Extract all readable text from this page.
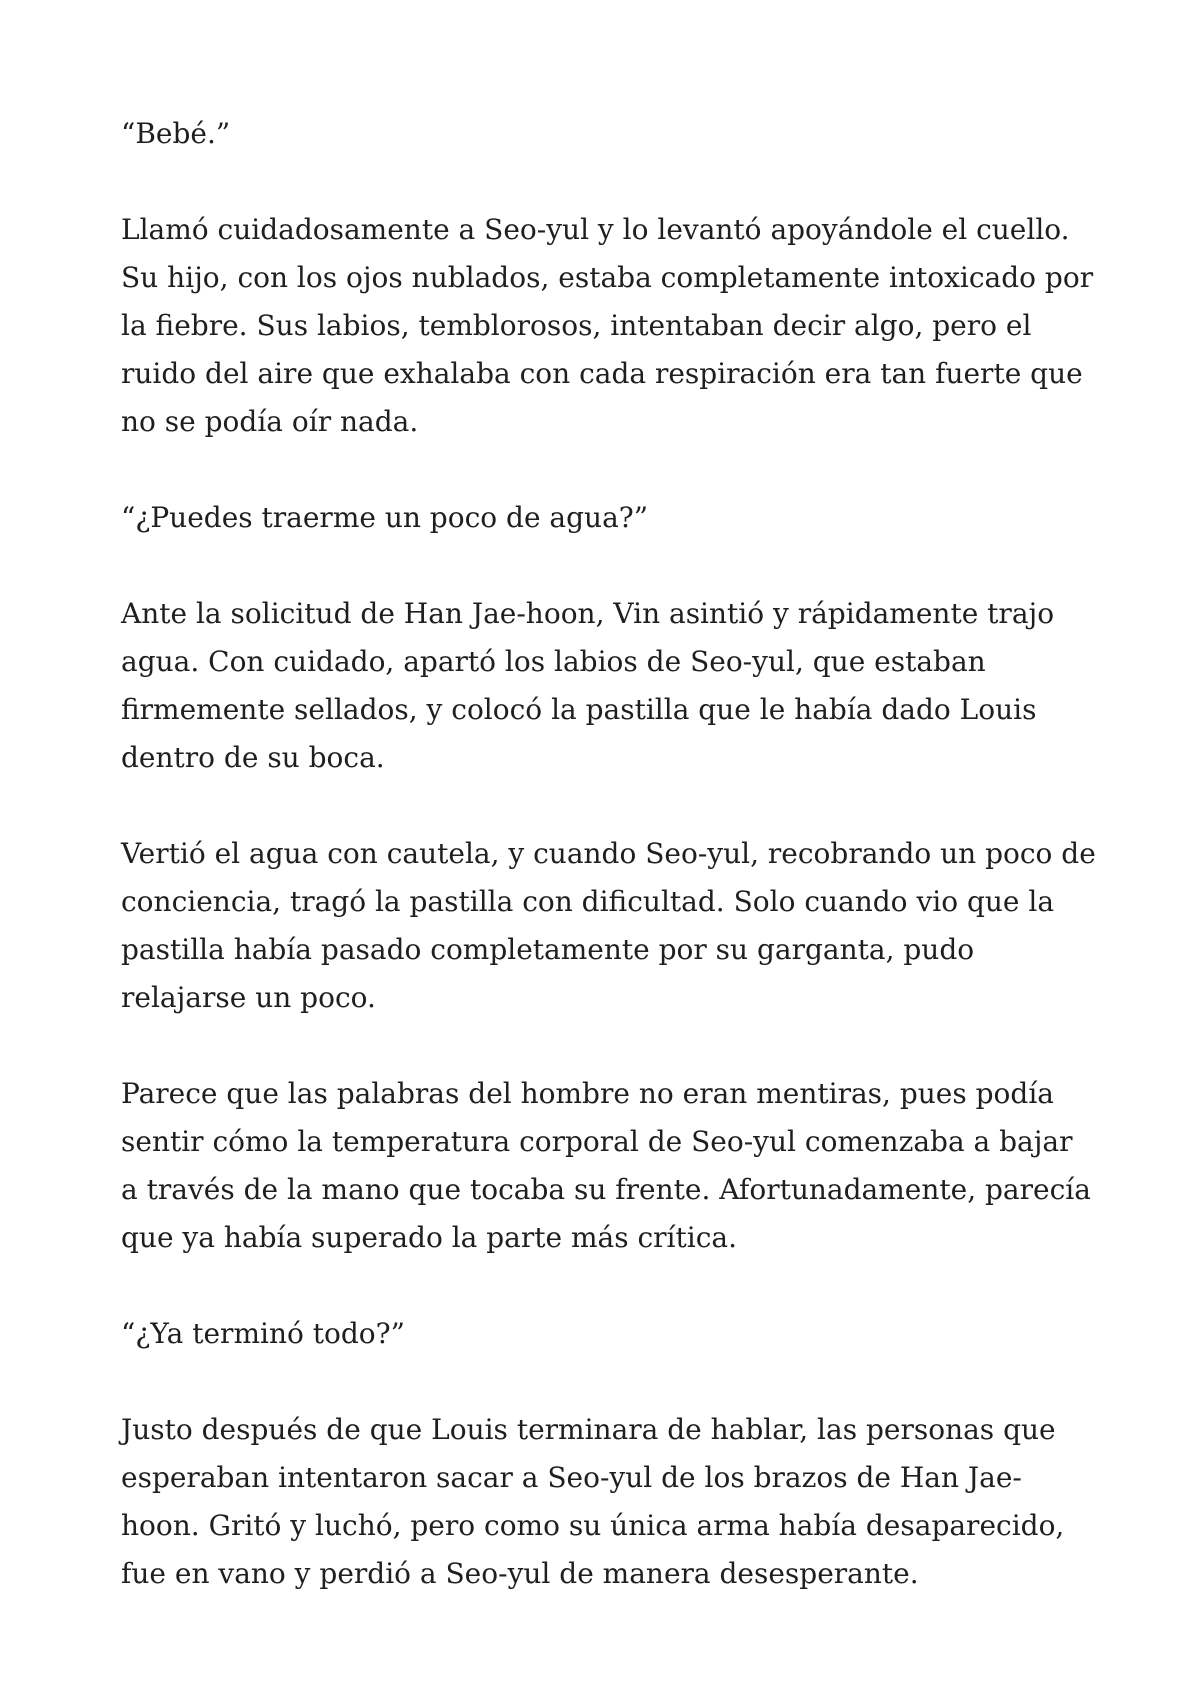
“Bebé.”

Llamó cuidadosamente a Seo-yul y lo levantó apoyándole el cuello. Su hijo, con los ojos nublados, estaba completamente intoxicado por la fiebre. Sus labios, temblorosos, intentaban decir algo, pero el ruido del aire que exhalaba con cada respiración era tan fuerte que no se podía oír nada.

“¿Puedes traerme un poco de agua?”

Ante la solicitud de Han Jae-hoon, Vin asintió y rápidamente trajo agua. Con cuidado, apartó los labios de Seo-yul, que estaban firmemente sellados, y colocó la pastilla que le había dado Louis dentro de su boca.

Vertió el agua con cautela, y cuando Seo-yul, recobrando un poco de conciencia, tragó la pastilla con dificultad. Solo cuando vio que la pastilla había pasado completamente por su garganta, pudo relajarse un poco.

Parece que las palabras del hombre no eran mentiras, pues podía sentir cómo la temperatura corporal de Seo-yul comenzaba a bajar a través de la mano que tocaba su frente. Afortunadamente, parecía que ya había superado la parte más crítica.

“¿Ya terminó todo?”

Justo después de que Louis terminara de hablar, las personas que esperaban intentaron sacar a Seo-yul de los brazos de Han Jae-hoon. Gritó y luchó, pero como su única arma había desaparecido, fue en vano y perdió a Seo-yul de manera desesperante.
